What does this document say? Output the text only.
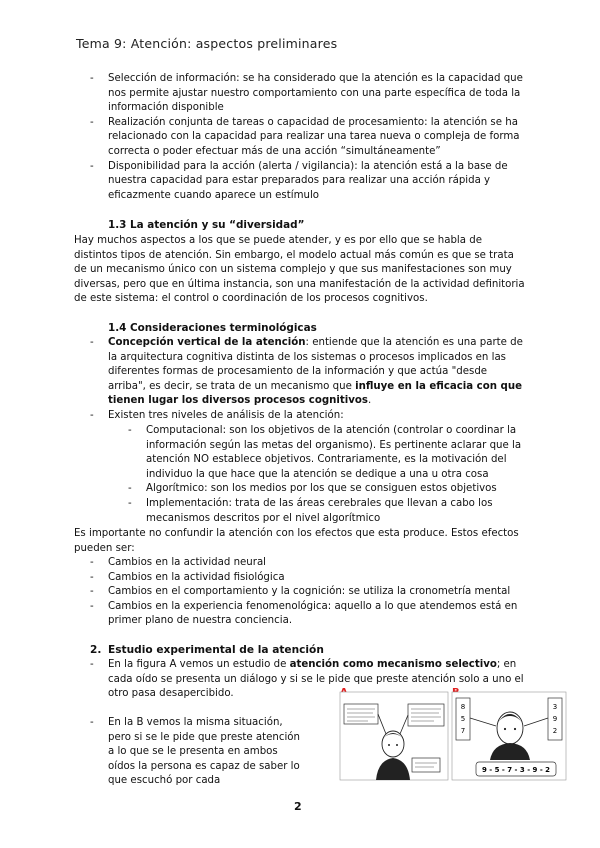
Tema 9: Atención: aspectos preliminares
- Selección de información: se ha considerado que la atención es la capacidad que nos permite ajustar nuestro comportamiento con una parte específica de toda la información disponible
- Realización conjunta de tareas o capacidad de procesamiento: la atención se ha relacionado con la capacidad para realizar una tarea nueva o compleja de forma correcta o poder efectuar más de una acción “simultáneamente”
- Disponibilidad para la acción (alerta / vigilancia): la atención está a la base de nuestra capacidad para estar preparados para realizar una acción rápida y eficazmente cuando aparece un estímulo
1.3 La atención y su “diversidad”
Hay muchos aspectos a los que se puede atender, y es por ello que se habla de distintos tipos de atención. Sin embargo, el modelo actual más común es que se trata de un mecanismo único con un sistema complejo y que sus manifestaciones son muy diversas, pero que en última instancia, son una manifestación de la actividad definitoria de este sistema: el control o coordinación de los procesos cognitivos.
1.4 Consideraciones terminológicas
- Concepción vertical de la atención: entiende que la atención es una parte de la arquitectura cognitiva distinta de los sistemas o procesos implicados en las diferentes formas de procesamiento de la información y que actúa "desde arriba", es decir, se trata de un mecanismo que influye en la eficacia con que tienen lugar los diversos procesos cognitivos.
- Existen tres niveles de análisis de la atención:
- Computacional: son los objetivos de la atención (controlar o coordinar la información según las metas del organismo). Es pertinente aclarar que la atención NO establece objetivos. Contrariamente, es la motivación del individuo la que hace que la atención se dedique a una u otra cosa
- Algorítmico: son los medios por los que se consiguen estos objetivos
- Implementación: trata de las áreas cerebrales que llevan a cabo los mecanismos descritos por el nivel algorítmico
Es importante no confundir la atención con los efectos que esta produce. Estos efectos pueden ser:
- Cambios en la actividad neural
- Cambios en la actividad fisiológica
- Cambios en el comportamiento y la cognición: se utiliza la cronometría mental
- Cambios en la experiencia fenomenológica: aquello a lo que atendemos está en primer plano de nuestra conciencia.
2. Estudio experimental de la atención
- En la figura A vemos un estudio de atención como mecanismo selectivo; en cada oído se presenta un diálogo y si se le pide que preste atención solo a uno el otro pasa desapercibido.
- En la B vemos la misma situación, pero si se le pide que preste atención a lo que se le presenta en ambos oídos la persona es capaz de saber lo que escuchó por cada
8
5
7
3
9
2
9 - 5 - 7 - 3 - 9 - 2
2
